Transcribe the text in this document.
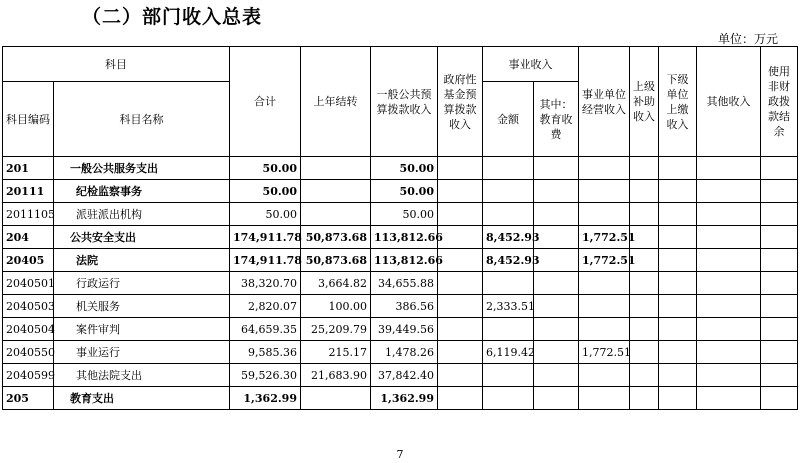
（二）部门收入总表
单位：万元
科目		合计	上年结转	一般公共预算拨款收入	政府性基金预算拨款收入	事业收入		事业单位经营收入	上级补助收入	下级单位上缴收入	其他收入	使用非财政拨款结余
科目编码	科目名称					金额	其中：教育收费					

201	一般公共服务支出	50.00		50.00								
20111	纪检监察事务	50.00		50.00								
2011105	派驻派出机构	50.00		50.00								
204	公共安全支出	174,911.78	50,873.68	113,812.66		8,452.93		1,772.51				
20405	法院	174,911.78	50,873.68	113,812.66		8,452.93		1,772.51				
2040501	行政运行	38,320.70	3,664.82	34,655.88								
2040503	机关服务	2,820.07	100.00	386.56		2,333.51						
2040504	案件审判	64,659.35	25,209.79	39,449.56								
2040550	事业运行	9,585.36	215.17	1,478.26		6,119.42		1,772.51				
2040599	其他法院支出	59,526.30	21,683.90	37,842.40								
205	教育支出	1,362.99		1,362.99								
7
